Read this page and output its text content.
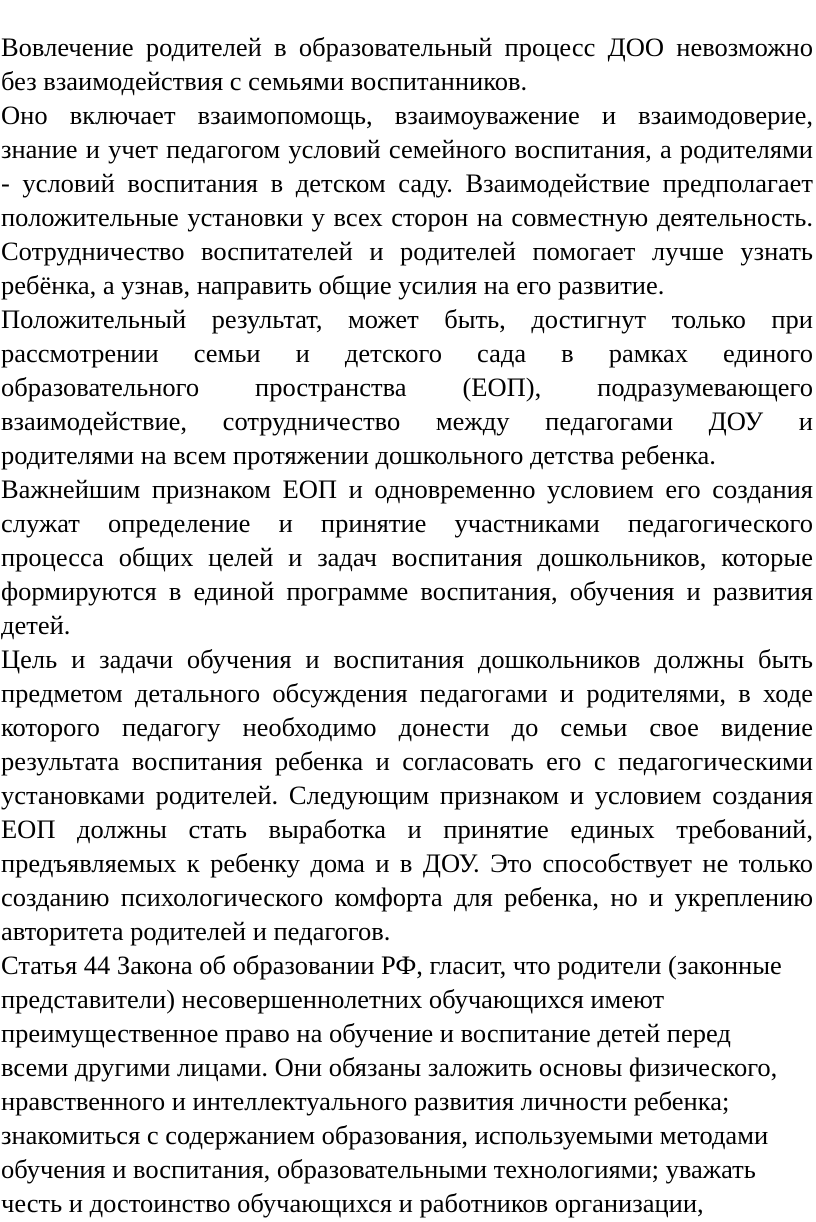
Вовлечение родителей в образовательный процесс ДОО невозможно
без взаимодействия с семьями воспитанников.
Оно включает взаимопомощь, взаимоуважение и взаимодоверие,
знание и учет педагогом условий семейного воспитания, а родителями
- условий воспитания в детском саду. Взаимодействие предполагает
положительные установки у всех сторон на совместную деятельность.
Сотрудничество воспитателей и родителей помогает лучше узнать
ребёнка, а узнав, направить общие усилия на его развитие.
Положительный результат, может быть, достигнут только при
рассмотрении семьи и детского сада в рамках единого
образовательного пространства (ЕОП), подразумевающего
взаимодействие, сотрудничество между педагогами ДОУ и
родителями на всем протяжении дошкольного детства ребенка.
Важнейшим признаком ЕОП и одновременно условием его создания
служат определение и принятие участниками педагогического
процесса общих целей и задач воспитания дошкольников, которые
формируются в единой программе воспитания, обучения и развития
детей.
Цель и задачи обучения и воспитания дошкольников должны быть
предметом детального обсуждения педагогами и родителями, в ходе
которого педагогу необходимо донести до семьи свое видение
результата воспитания ребенка и согласовать его с педагогическими
установками родителей. Следующим признаком и условием создания
ЕОП должны стать выработка и принятие единых требований,
предъявляемых к ребенку дома и в ДОУ. Это способствует не только
созданию психологического комфорта для ребенка, но и укреплению
авторитета родителей и педагогов.
Статья 44 Закона об образовании РФ, гласит, что родители (законные
представители) несовершеннолетних обучающихся имеют
преимущественное право на обучение и воспитание детей перед
всеми другими лицами. Они обязаны заложить основы физического,
нравственного и интеллектуального развития личности ребенка;
знакомиться с содержанием образования, используемыми методами
обучения и воспитания, образовательными технологиями; уважать
честь и достоинство обучающихся и работников организации,
